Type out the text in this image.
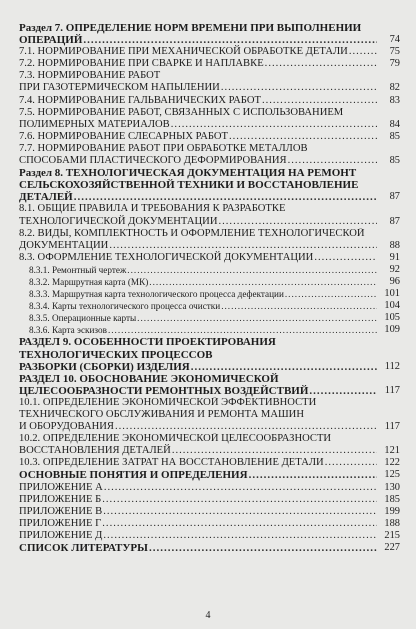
Раздел 7. ОПРЕДЕЛЕНИЕ НОРМ ВРЕМЕНИ ПРИ ВЫПОЛНЕНИИ
ОПЕРАЦИЙ .....	74
7.1. НОРМИРОВАНИЕ ПРИ МЕХАНИЧЕСКОЙ ОБРАБОТКЕ ДЕТАЛИ .....	75
7.2. НОРМИРОВАНИЕ ПРИ СВАРКЕ И НАПЛАВКЕ .....	79
7.3. НОРМИРОВАНИЕ РАБОТ
ПРИ ГАЗОТЕРМИЧЕСКОМ НАПЫЛЕНИИ .....	82
7.4. НОРМИРОВАНИЕ ГАЛЬВАНИЧЕСКИХ РАБОТ .....	83
7.5. НОРМИРОВАНИЕ РАБОТ, СВЯЗАННЫХ С ИСПОЛЬЗОВАНИЕМ
ПОЛИМЕРНЫХ МАТЕРИАЛОВ .....	84
7.6. НОРМИРОВАНИЕ СЛЕСАРНЫХ РАБОТ .....	85
7.7. НОРМИРОВАНИЕ РАБОТ ПРИ ОБРАБОТКЕ МЕТАЛЛОВ
СПОСОБАМИ ПЛАСТИЧЕСКОГО ДЕФОРМИРОВАНИЯ .....	85
Раздел 8. ТЕХНОЛОГИЧЕСКАЯ ДОКУМЕНТАЦИЯ НА РЕМОНТ
СЕЛЬСКОХОЗЯЙСТВЕННОЙ ТЕХНИКИ И ВОССТАНОВЛЕНИЕ
ДЕТАЛЕЙ .....	87
8.1. ОБЩИЕ ПРАВИЛА И ТРЕБОВАНИЯ К РАЗРАБОТКЕ
ТЕХНОЛОГИЧЕСКОЙ ДОКУМЕНТАЦИИ .....	87
8.2. ВИДЫ, КОМПЛЕКТНОСТЬ И ОФОРМЛЕНИЕ ТЕХНОЛОГИЧЕСКОЙ
ДОКУМЕНТАЦИИ .....	88
8.3. ОФОРМЛЕНИЕ ТЕХНОЛОГИЧЕСКОЙ ДОКУМЕНТАЦИИ .....	91
8.3.1. Ремонтный чертеж .....	92
8.3.2. Маршрутная карта (МК) .....	96
8.3.3. Маршрутная карта технологического процесса дефектации .....	101
8.3.4. Карты технологического процесса очистки .....	104
8.3.5. Операционные карты .....	105
8.3.6. Карта эскизов .....	109
РАЗДЕЛ 9. ОСОБЕННОСТИ ПРОЕКТИРОВАНИЯ
ТЕХНОЛОГИЧЕСКИХ ПРОЦЕССОВ
РАЗБОРКИ (СБОРКИ) ИЗДЕЛИЯ .....	112
РАЗДЕЛ 10. ОБОСНОВАНИЕ ЭКОНОМИЧЕСКОЙ
ЦЕЛЕСООБРАЗНОСТИ РЕМОНТНЫХ ВОЗДЕЙСТВИЙ .....	117
10.1. ОПРЕДЕЛЕНИЕ ЭКОНОМИЧЕСКОЙ ЭФФЕКТИВНОСТИ
ТЕХНИЧЕСКОГО ОБСЛУЖИВАНИЯ И РЕМОНТА МАШИН
И ОБОРУДОВАНИЯ .....	117
10.2. ОПРЕДЕЛЕНИЕ ЭКОНОМИЧЕСКОЙ ЦЕЛЕСООБРАЗНОСТИ
ВОССТАНОВЛЕНИЯ ДЕТАЛЕЙ .....	121
10.3. ОПРЕДЕЛЕНИЕ ЗАТРАТ НА ВОССТАНОВЛЕНИЕ ДЕТАЛИ .....	122
ОСНОВНЫЕ ПОНЯТИЯ И ОПРЕДЕЛЕНИЯ .....	125
ПРИЛОЖЕНИЕ А .....	130
ПРИЛОЖЕНИЕ Б .....	185
ПРИЛОЖЕНИЕ В .....	199
ПРИЛОЖЕНИЕ Г .....	188
ПРИЛОЖЕНИЕ Д .....	215
СПИСОК ЛИТЕРАТУРЫ .....	227
4
